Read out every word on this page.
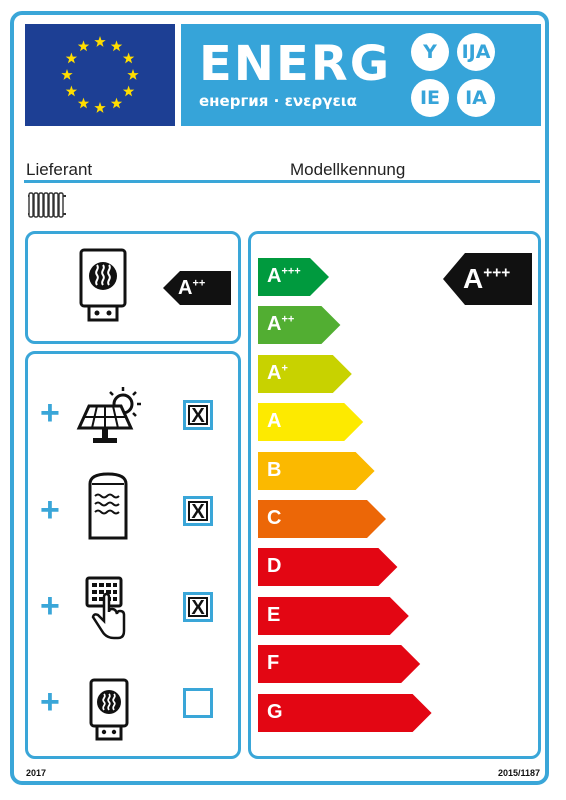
ENERG
енергия · ενεργεια
Y	IJA
IE	IA
Lieferant	Modellkennung
A++
+
+
+
+
X
X
X
A+++
A++
A+
A
B
C
D
E
F
G
A+++
2017	2015/1187
